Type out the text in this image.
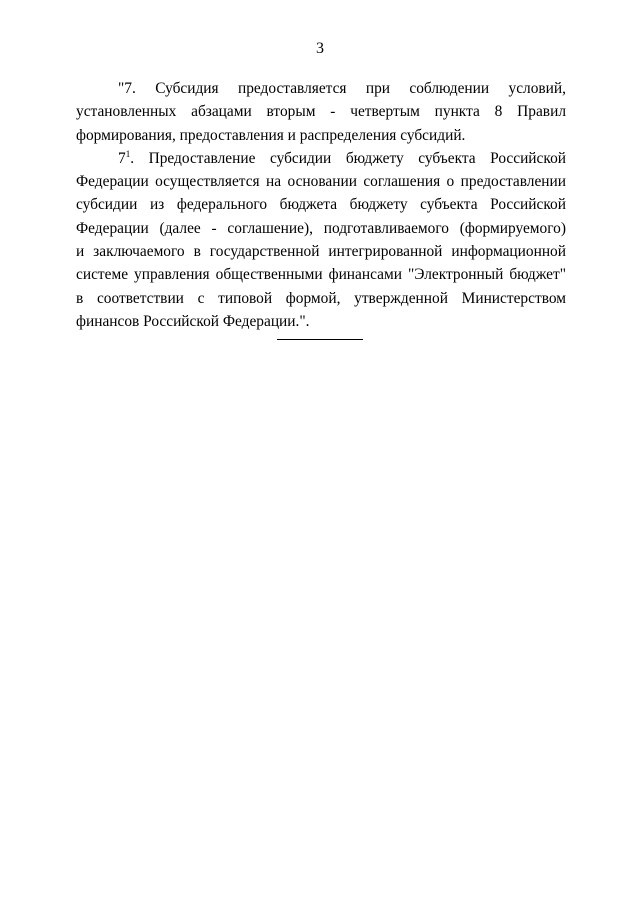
3
"7. Субсидия предоставляется при соблюдении условий,
установленных абзацами вторым - четвертым пункта 8 Правил
формирования, предоставления и распределения субсидий.
$7^1$. Предоставление субсидии бюджету субъекта Российской
Федерации осуществляется на основании соглашения о предоставлении
субсидии из федерального бюджета бюджету субъекта Российской
Федерации (далее - соглашение), подготавливаемого (формируемого)
и заключаемого в государственной интегрированной информационной
системе управления общественными финансами "Электронный бюджет"
в соответствии с типовой формой, утвержденной Министерством
финансов Российской Федерации.".
